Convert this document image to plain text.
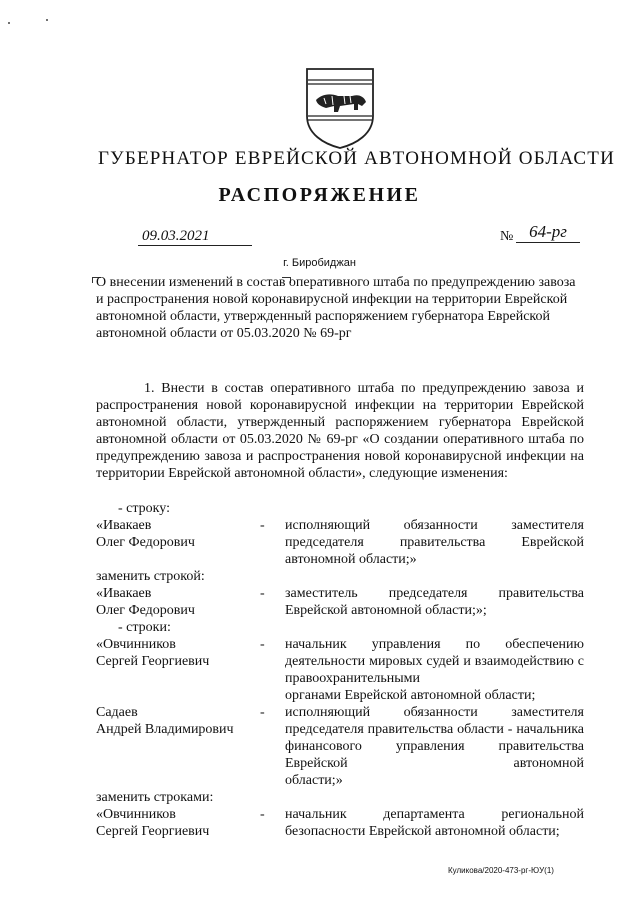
ГУБЕРНАТОР ЕВРЕЙСКОЙ АВТОНОМНОЙ ОБЛАСТИ
РАСПОРЯЖЕНИЕ
09.03.2021	№ 64-рг
г. Биробиджан
О внесении изменений в состав оперативного штаба по предупреждению завоза и распространения новой коронавирусной инфекции на территории Еврейской автономной области, утвержденный распоряжением губернатора Еврейской автономной области от 05.03.2020 № 69-рг
1. Внести в состав оперативного штаба по предупреждению завоза и распространения новой коронавирусной инфекции на территории Еврейской автономной области, утвержденный распоряжением губернатора Еврейской автономной области от 05.03.2020 № 69-рг «О создании оперативного штаба по предупреждению завоза и распространения новой коронавирусной инфекции на территории Еврейской автономной области», следующие изменения:
- строку:
«Ивакаев
Олег Федорович
- исполняющий обязанности заместителя председателя правительства Еврейской
автономной области;»
заменить строкой:
«Ивакаев
Олег Федорович
- заместитель председателя правительства
Еврейской автономной области;»;
- строки:
«Овчинников
Сергей Георгиевич
- начальник управления по обеспечению деятельности мировых судей и взаимодействию с правоохранительными
органами Еврейской автономной области;
Садаев
Андрей Владимирович
- исполняющий обязанности заместителя председателя правительства области - начальника финансового управления правительства Еврейской автономной
области;»
заменить строками:
«Овчинников
Сергей Георгиевич
- начальник департамента региональной
безопасности Еврейской автономной области;
Куликова/2020-473-рг-ЮУ(1)
